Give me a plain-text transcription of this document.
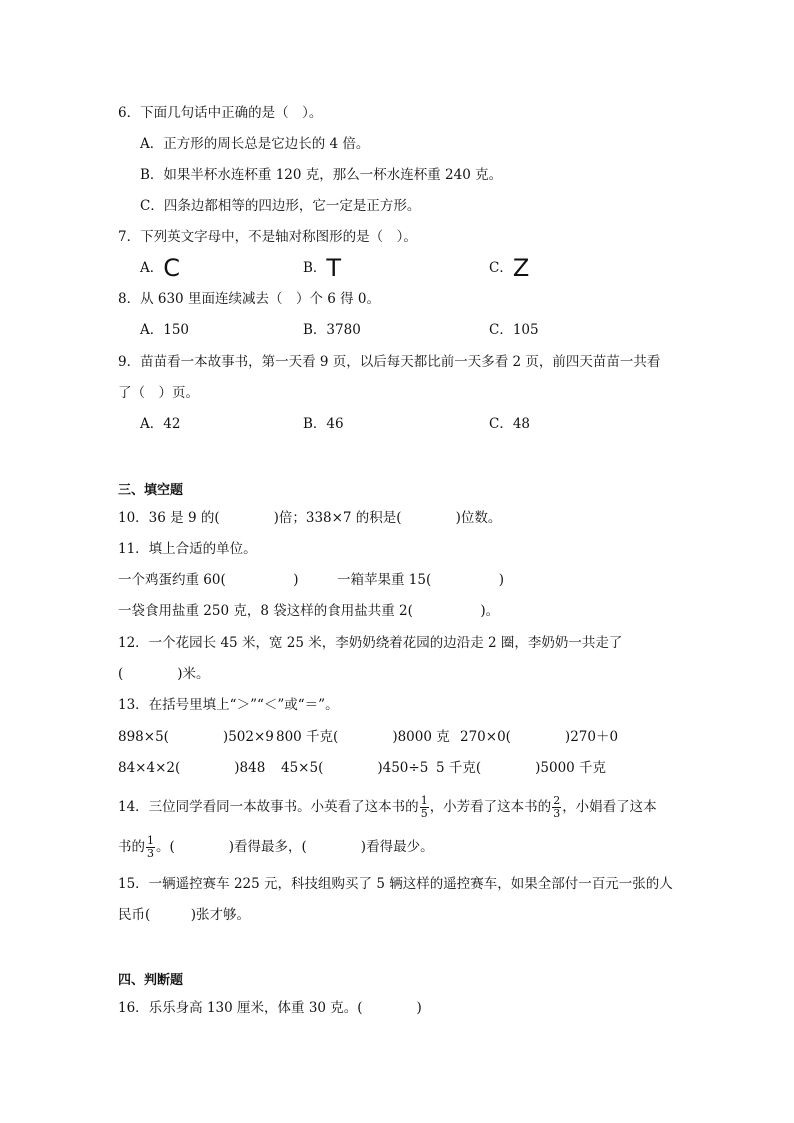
6．下面几句话中正确的是（　）。
A．正方形的周长总是它边长的 4 倍。
B．如果半杯水连杯重 120 克，那么一杯水连杯重 240 克。
C．四条边都相等的四边形，它一定是正方形。
7．下列英文字母中，不是轴对称图形的是（　）。
A．C	B．T	C．Z
8．从 630 里面连续减去（　）个 6 得 0。
A．150	B．3780	C．105
9．苗苗看一本故事书，第一天看 9 页，以后每天都比前一天多看 2 页，前四天苗苗一共看
了（　）页。
A．42	B．46	C．48
三、填空题
10．36 是 9 的(　　　　)倍；338×7 的积是(　　　　)位数。
11．填上合适的单位。
一个鸡蛋约重 60(　　　　　)	一箱苹果重 15(　　　　　)
一袋食用盐重 250 克，8 袋这样的食用盐共重 2(　　　　　)。
12．一个花园长 45 米，宽 25 米，李奶奶绕着花园的边沿走 2 圈，李奶奶一共走了
(　　　　)米。
13．在括号里填上“＞”“＜”或“＝”。
898×5(　　　　)502×9 800 千克(　　　　)8000 克 270×0(　　　　)270＋0
84×4×2(　　　　)848 45×5(　　　　)450÷5 5 千克(　　　　)5000 千克
14．三位同学看同一本故事书。小英看了这本书的 $\frac{1}{5}$ ，小芳看了这本书的 $\frac{2}{3}$ ，小娟看了这本
书的 $\frac{1}{3}$ 。(　　　　)看得最多，(　　　　)看得最少。
15．一辆遥控赛车 225 元，科技组购买了 5 辆这样的遥控赛车，如果全部付一百元一张的人
民币(　　　)张才够。
四、判断题
16．乐乐身高 130 厘米，体重 30 克。(　　　　)
